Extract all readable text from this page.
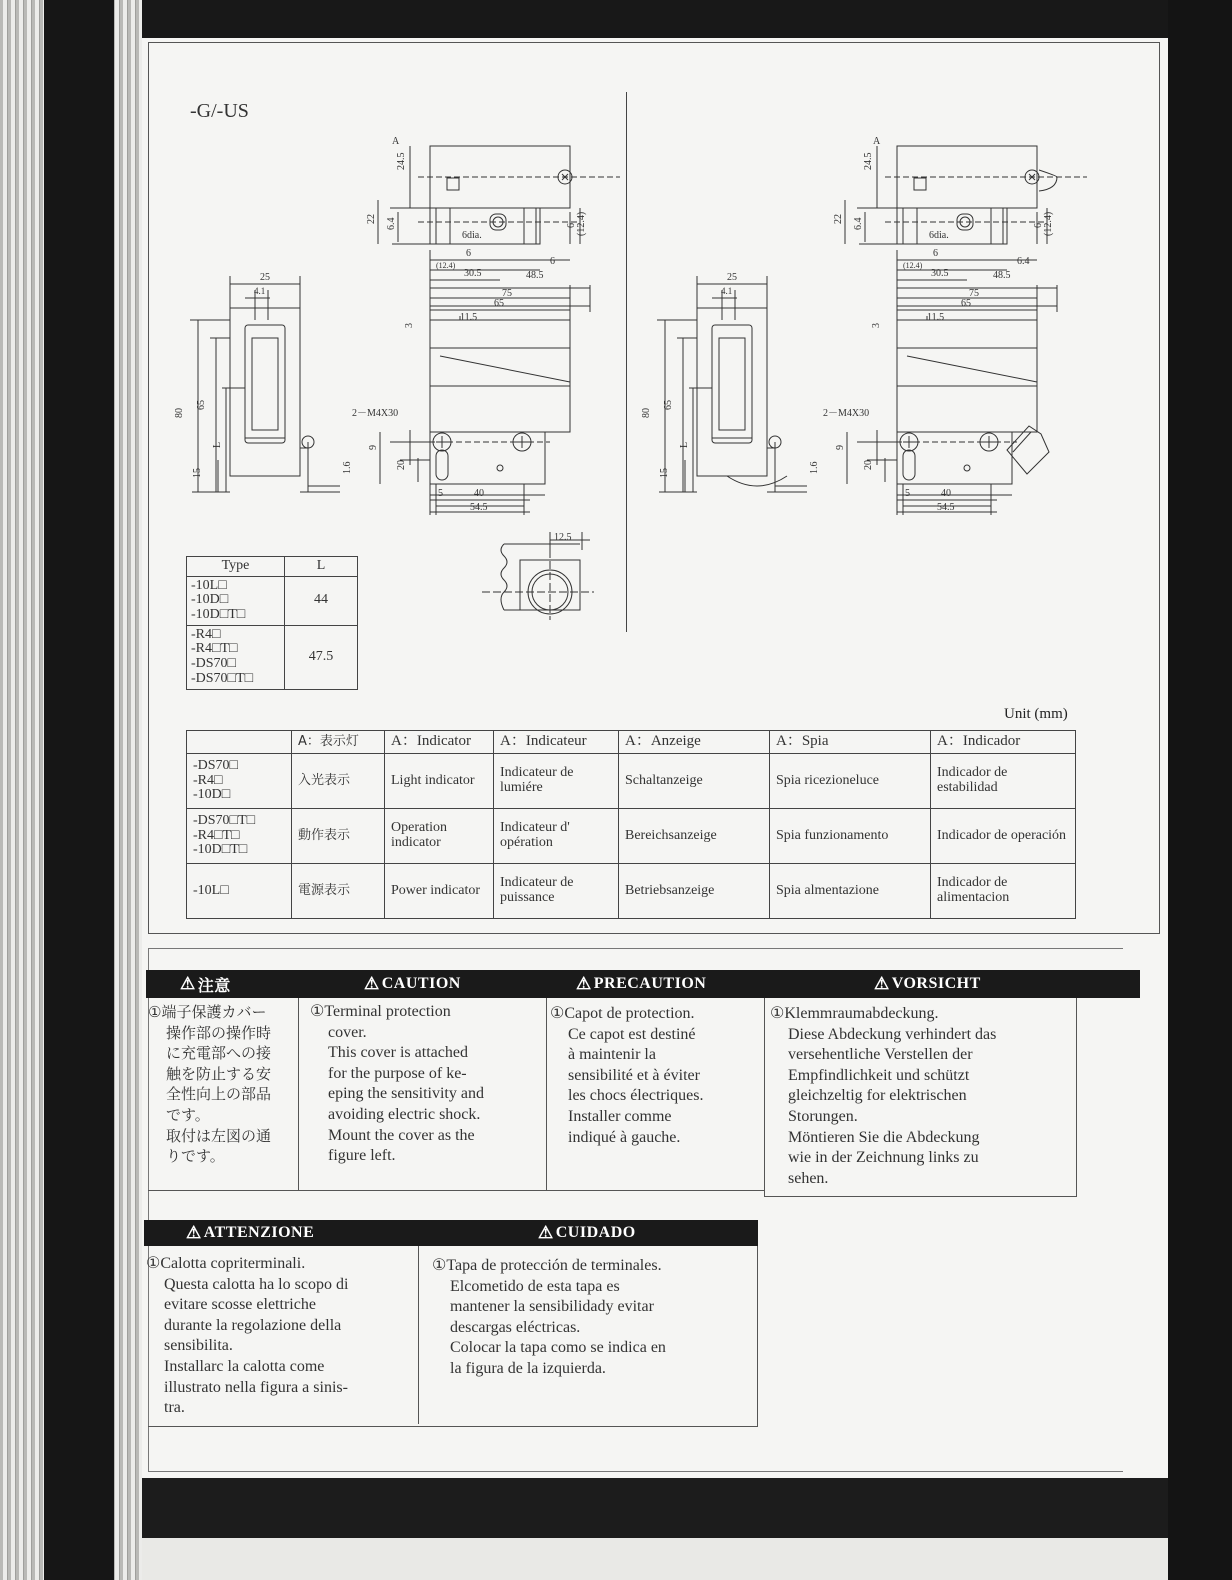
-G/-US
A
24.5
22 6.4
6dia.
6
(12.4)
30.5	48.5
6
(12.4)
6
75
65
11.5
3
25
4.1
80
65
15
L
1.6
9
20
5	40
54.5
2－M4X30
12.5
A
24.5
22 6.4
6dia.
6
(12.4)
30.5	48.5
6.4
(12.4)
6
75
65
11.5
3
25
4.1
80
65
15
L
1.6
9
20
5	40
54.5
2－M4X30
Type	L

-10L□
-10D□
-10D□T□	44

-R4□
-R4□T□
-DS70□
-DS70□T□	47.5
Unit (mm)
	A：表示灯	A：Indicator	A：Indicateur	A：Anzeige	A：Spia	A：Indicador

-DS70□
-R4□
-10D□	入光表示	Light indicator	Indicateur de lumiére	Schaltanzeige	Spia ricezioneluce	Indicador de estabilidad

-DS70□T□
-R4□T□
-10D□T□	動作表示	Operation indicator	Indicateur d' opération	Bereichsanzeige	Spia funzionamento	Indicador de operación
-10L□	電源表示	Power indicator	Indicateur de puissance	Betriebsanzeige	Spia almentazione	Indicador de alimentacion
⚠ 注意	⚠ CAUTION	⚠ PRECAUTION	⚠ VORSICHT
①端子保護カバー
操作部の操作時
に充電部への接
触を防止する安
全性向上の部品
です。
取付は左図の通
りです。
①Terminal protection
cover.
This cover is attached
for the purpose of ke-
eping the sensitivity and
avoiding electric shock.
Mount the cover as the
figure left.
①Capot de protection.
Ce capot est destiné
à maintenir la
sensibilité et à éviter
les chocs électriques.
Installer comme
indiqué à gauche.
①Klemmraumabdeckung.
Diese Abdeckung verhindert das
versehentliche Verstellen der
Empfindlichkeit und schützt
gleichzeltig for elektrischen
Storungen.
Möntieren Sie die Abdeckung
wie in der Zeichnung links zu
sehen.
⚠ ATTENZIONE	⚠ CUIDADO
①Calotta copriterminali.
Questa calotta ha lo scopo di
evitare scosse elettriche
durante la regolazione della
sensibilita.
Installarc la calotta come
illustrato nella figura a sinis-
tra.
①Tapa de protección de terminales.
Elcometido de esta tapa es
mantener la sensibilidady evitar
descargas eléctricas.
Colocar la tapa como se indica en
la figura de la izquierda.
